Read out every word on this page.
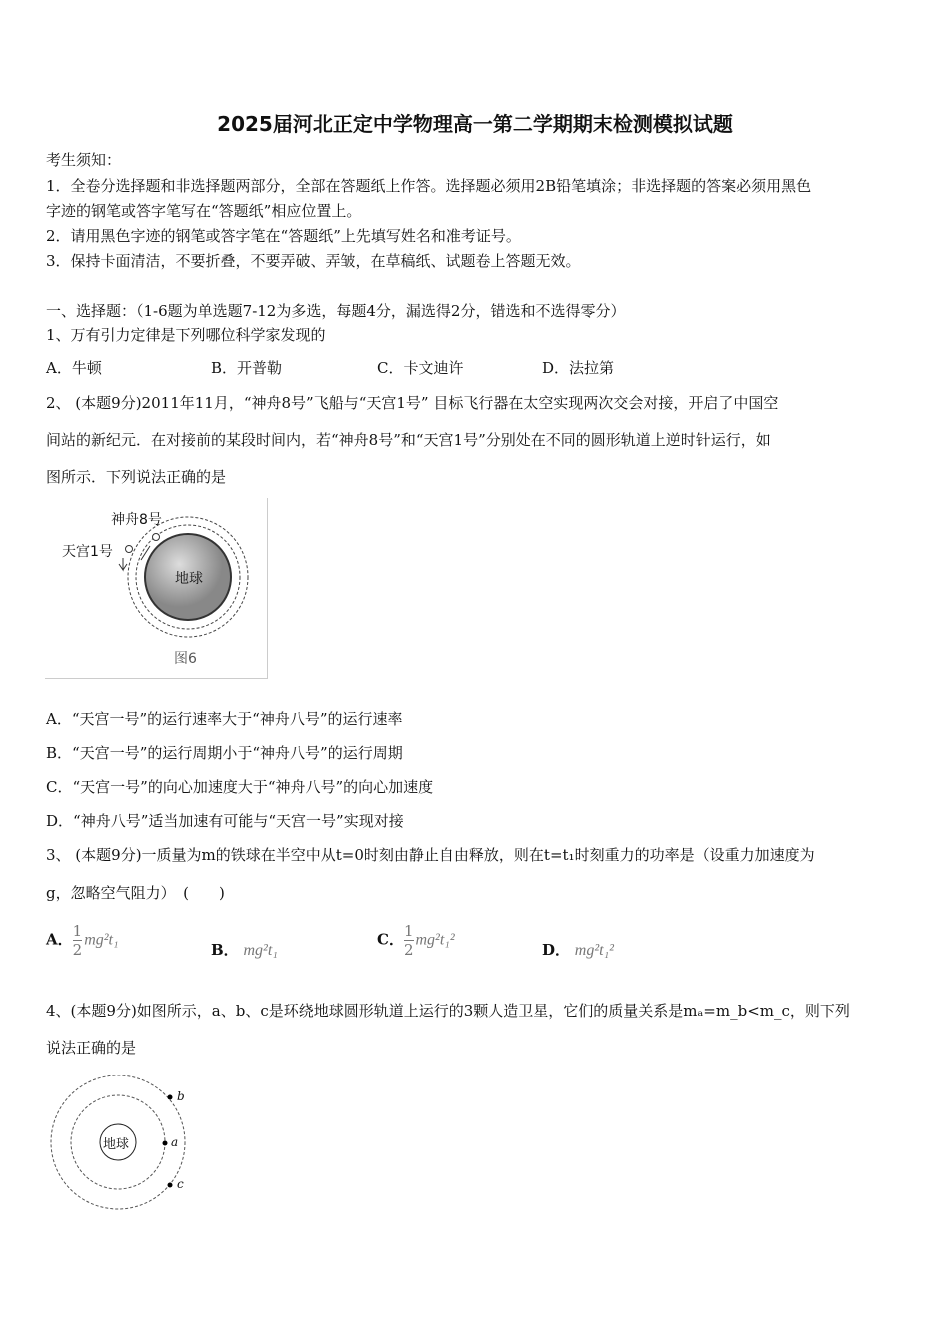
2025届河北正定中学物理高一第二学期期末检测模拟试题
考生须知：
1．全卷分选择题和非选择题两部分，全部在答题纸上作答。选择题必须用2B铅笔填涂；非选择题的答案必须用黑色
字迹的钢笔或答字笔写在“答题纸”相应位置上。
2．请用黑色字迹的钢笔或答字笔在“答题纸”上先填写姓名和准考证号。
3．保持卡面清洁，不要折叠，不要弄破、弄皱，在草稿纸、试题卷上答题无效。
一、选择题：（1-6题为单选题7-12为多选，每题4分，漏选得2分，错选和不选得零分）
1、万有引力定律是下列哪位科学家发现的
A．牛顿	B．开普勒	C．卡文迪许	D．法拉第
2、 (本题9分)2011年11月，“神舟8号”飞船与“天宫1号” 目标飞行器在太空实现两次交会对接，开启了中国空
间站的新纪元．在对接前的某段时间内，若“神舟8号”和“天宫1号”分别处在不同的圆形轨道上逆时针运行，如
图所示．下列说法正确的是
神舟8号
天宫1号
地球
图6
A．“天宫一号”的运行速率大于“神舟八号”的运行速率
B．“天宫一号”的运行周期小于“神舟八号”的运行周期
C．“天宫一号”的向心加速度大于“神舟八号”的向心加速度
D．“神舟八号”适当加速有可能与“天宫一号”实现对接
3、 (本题9分)一质量为m的铁球在半空中从t=0时刻由静止自由释放，则在t=t₁时刻重力的功率是（设重力加速度为
g，忽略空气阻力）　(　　)
A． $\frac{1}{2} mg^2t_1$
B． mg²t₁
C． $\frac{1}{2} mg^2t_1^2$
D． mg²t₁²
4、(本题9分)如图所示，a、b、c是环绕地球圆形轨道上运行的3颗人造卫星，它们的质量关系是mₐ=m_b<m_c，则下列
说法正确的是
地球
b
a
c
